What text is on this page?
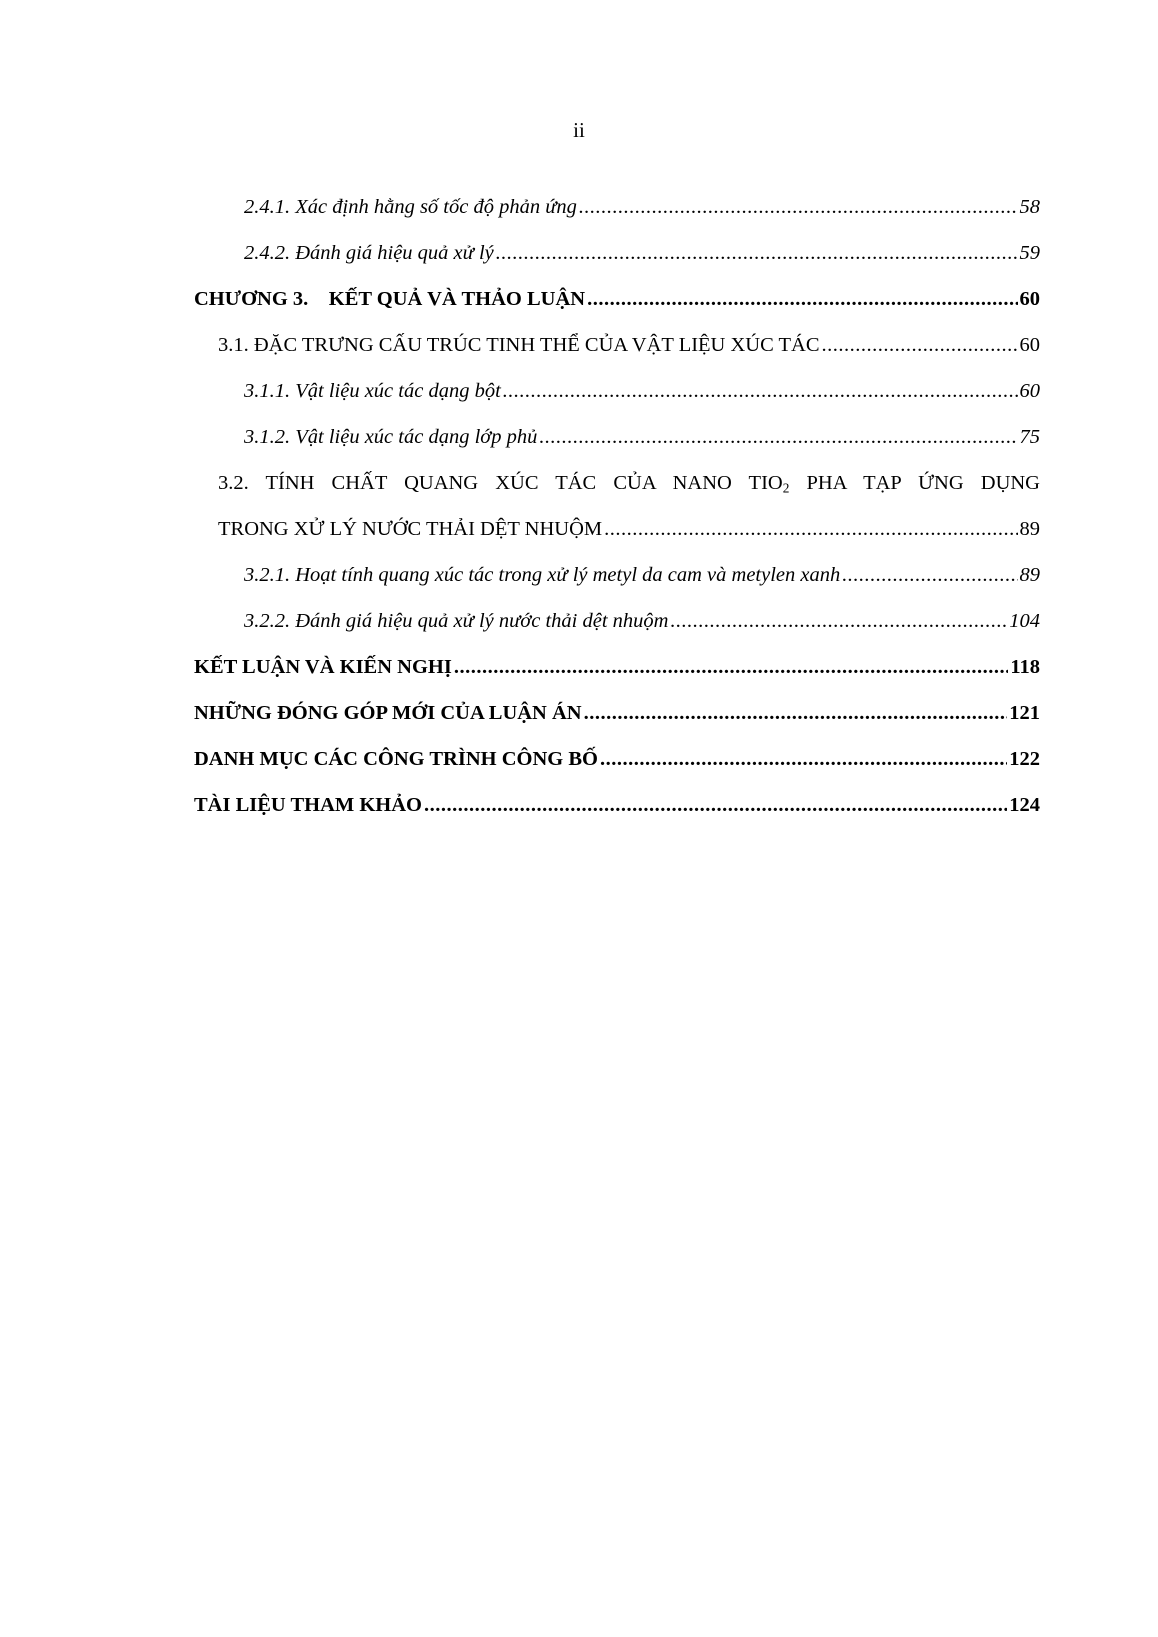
ii
2.4.1. Xác định hằng số tốc độ phản ứng .....	58
2.4.2. Đánh giá hiệu quả xử lý .....	59
CHƯƠNG 3.    KẾT QUẢ VÀ THẢO LUẬN .....	60
3.1. ĐẶC TRƯNG CẤU TRÚC TINH THỂ CỦA VẬT LIỆU XÚC TÁC .....	60
3.1.1. Vật liệu xúc tác dạng bột .....	60
3.1.2. Vật liệu xúc tác dạng lớp phủ .....	75
3.2. TÍNH CHẤT QUANG XÚC TÁC CỦA NANO $TIO_2$ PHA TẠP ỨNG DỤNG
TRONG XỬ LÝ NƯỚC THẢI DỆT NHUỘM .....	89
3.2.1. Hoạt tính quang xúc tác trong xử lý metyl da cam và metylen xanh .....	89
3.2.2. Đánh giá hiệu quả xử lý nước thải dệt nhuộm .....	104
KẾT LUẬN VÀ KIẾN NGHỊ .....	118
NHỮNG ĐÓNG GÓP MỚI CỦA LUẬN ÁN .....	121
DANH MỤC CÁC CÔNG TRÌNH CÔNG BỐ .....	122
TÀI LIỆU THAM KHẢO .....	124
